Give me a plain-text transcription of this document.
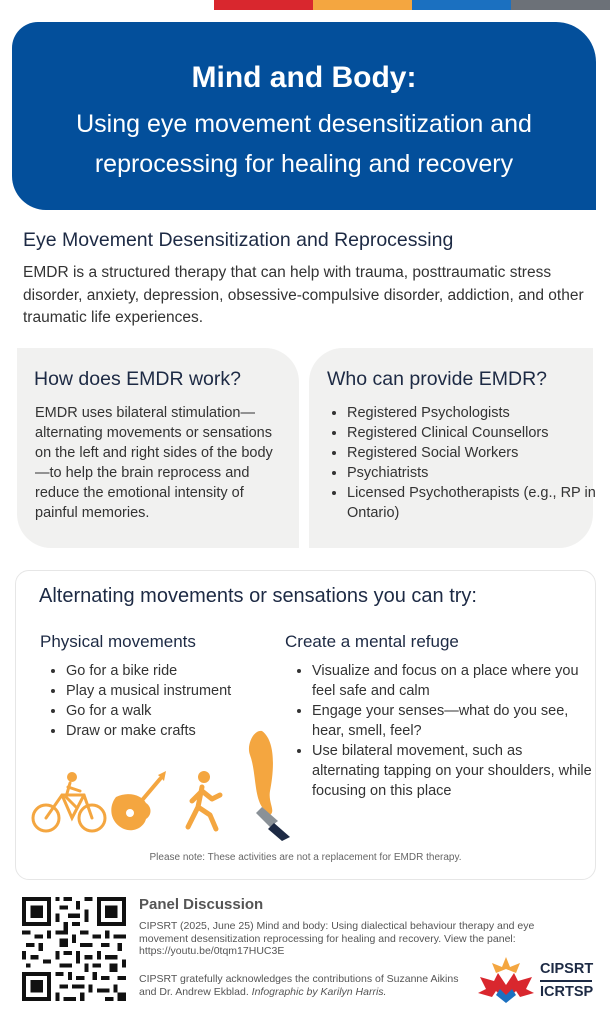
Mind and Body:
Using eye movement desensitization and
reprocessing for healing and recovery
Eye Movement Desensitization and Reprocessing
EMDR is a structured therapy that can help with trauma, posttraumatic stress disorder, anxiety, depression, obsessive-compulsive disorder, addiction, and other traumatic life experiences.
How does EMDR work?
EMDR uses bilateral stimulation—alternating movements or sensations on the left and right sides of the body—to help the brain reprocess and reduce the emotional intensity of painful memories.
Who can provide EMDR?
• Registered Psychologists
• Registered Clinical Counsellors
• Registered Social Workers
• Psychiatrists
• Licensed Psychotherapists (e.g., RP in Ontario)
Alternating movements or sensations you can try:
Physical movements
• Go for a bike ride
• Play a musical instrument
• Go for a walk
• Draw or make crafts
Create a mental refuge
• Visualize and focus on a place where you feel safe and calm
• Engage your senses—what do you see, hear, smell, feel?
• Use bilateral movement, such as alternating tapping on your shoulders, while focusing on this place
Please note: These activities are not a replacement for EMDR therapy.
Panel Discussion
CIPSRT (2025, June 25) Mind and body: Using dialectical behaviour therapy and eye movement desensitization reprocessing for healing and recovery. View the panel: https://youtu.be/0tqm17HUC3E
CIPSRT gratefully acknowledges the contributions of Suzanne Aikins and Dr. Andrew Ekblad. Infographic by Karilyn Harris.
CIPSRT
ICRTSP
